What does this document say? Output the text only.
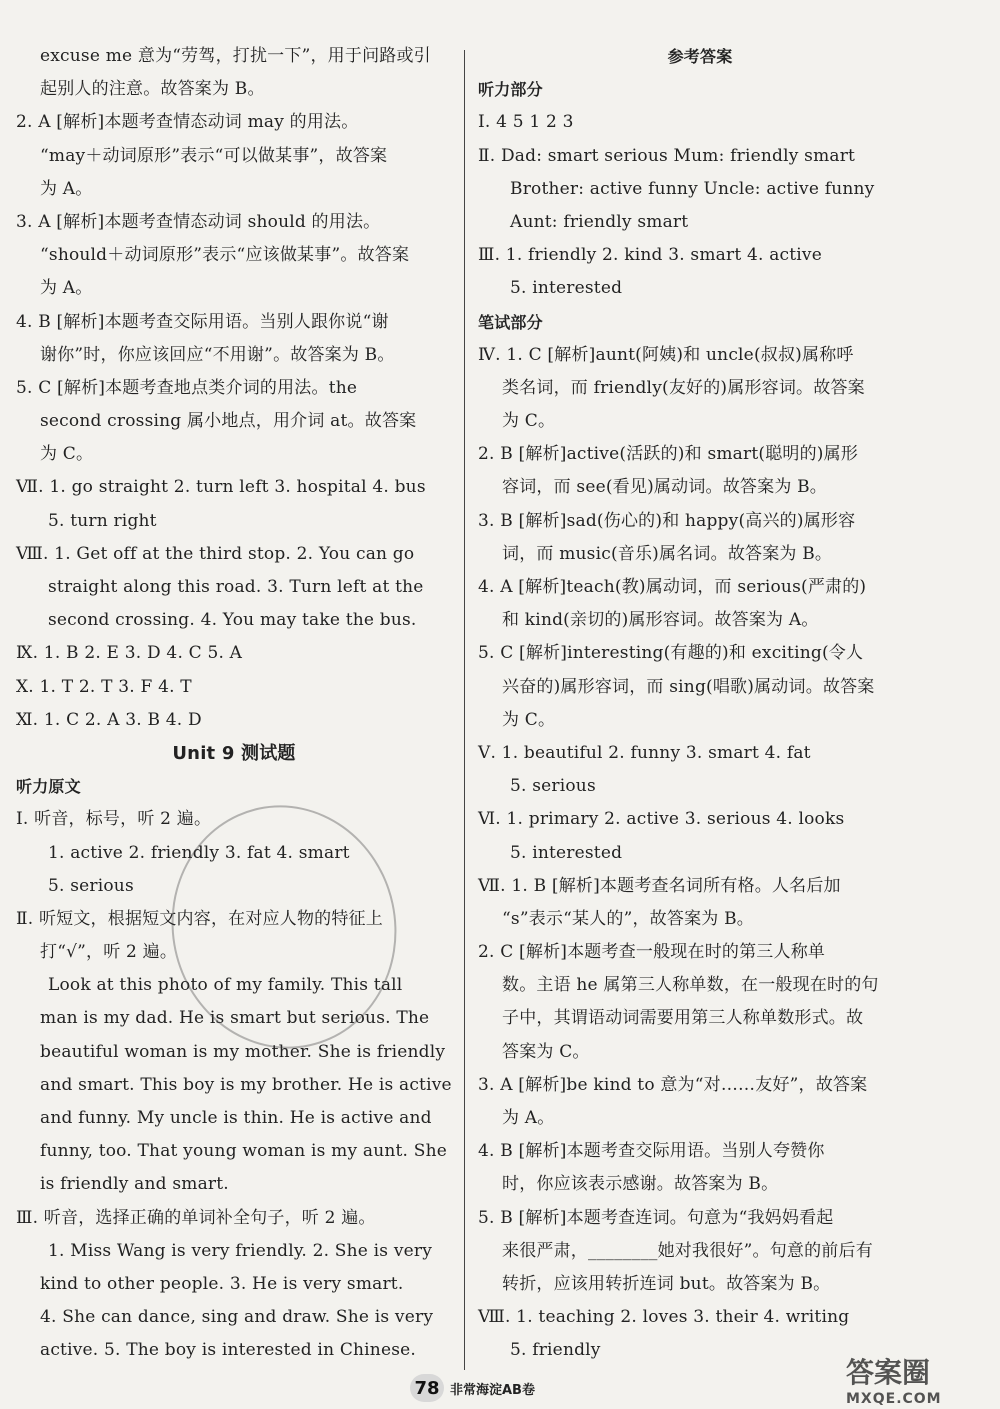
excuse me 意为“劳驾，打扰一下”，用于问路或引
起别人的注意。故答案为 B。
2. A [解析]本题考查情态动词 may 的用法。
“may＋动词原形”表示“可以做某事”，故答案
为 A。
3. A [解析]本题考查情态动词 should 的用法。
“should＋动词原形”表示“应该做某事”。故答案
为 A。
4. B [解析]本题考查交际用语。当别人跟你说“谢
谢你”时，你应该回应“不用谢”。故答案为 B。
5. C [解析]本题考查地点类介词的用法。the
second crossing 属小地点，用介词 at。故答案
为 C。
Ⅶ. 1. go straight 2. turn left 3. hospital 4. bus
5. turn right
Ⅷ. 1. Get off at the third stop. 2. You can go
straight along this road. 3. Turn left at the
second crossing. 4. You may take the bus.
Ⅸ. 1. B 2. E 3. D 4. C 5. A
Ⅹ. 1. T 2. T 3. F 4. T
Ⅺ. 1. C 2. A 3. B 4. D
Unit 9 测试题
听力原文
Ⅰ. 听音，标号，听 2 遍。
1. active 2. friendly 3. fat 4. smart
5. serious
Ⅱ. 听短文，根据短文内容，在对应人物的特征上
打“√”，听 2 遍。
Look at this photo of my family. This tall
man is my dad. He is smart but serious. The
beautiful woman is my mother. She is friendly
and smart. This boy is my brother. He is active
and funny. My uncle is thin. He is active and
funny, too. That young woman is my aunt. She
is friendly and smart.
Ⅲ. 听音，选择正确的单词补全句子，听 2 遍。
1. Miss Wang is very friendly. 2. She is very
kind to other people. 3. He is very smart.
4. She can dance, sing and draw. She is very
active. 5. The boy is interested in Chinese.
参考答案
听力部分
Ⅰ. 4 5 1 2 3
Ⅱ. Dad: smart serious Mum: friendly smart
Brother: active funny Uncle: active funny
Aunt: friendly smart
Ⅲ. 1. friendly 2. kind 3. smart 4. active
5. interested
笔试部分
Ⅳ. 1. C [解析]aunt(阿姨)和 uncle(叔叔)属称呼
类名词，而 friendly(友好的)属形容词。故答案
为 C。
2. B [解析]active(活跃的)和 smart(聪明的)属形
容词，而 see(看见)属动词。故答案为 B。
3. B [解析]sad(伤心的)和 happy(高兴的)属形容
词，而 music(音乐)属名词。故答案为 B。
4. A [解析]teach(教)属动词，而 serious(严肃的)
和 kind(亲切的)属形容词。故答案为 A。
5. C [解析]interesting(有趣的)和 exciting(令人
兴奋的)属形容词，而 sing(唱歌)属动词。故答案
为 C。
Ⅴ. 1. beautiful 2. funny 3. smart 4. fat
5. serious
Ⅵ. 1. primary 2. active 3. serious 4. looks
5. interested
Ⅶ. 1. B [解析]本题考查名词所有格。人名后加
“s”表示“某人的”，故答案为 B。
2. C [解析]本题考查一般现在时的第三人称单
数。主语 he 属第三人称单数，在一般现在时的句
子中，其谓语动词需要用第三人称单数形式。故
答案为 C。
3. A [解析]be kind to 意为“对……友好”，故答案
为 A。
4. B [解析]本题考查交际用语。当别人夸赞你
时，你应该表示感谢。故答案为 B。
5. B [解析]本题考查连词。句意为“我妈妈看起
来很严肃，________她对我很好”。句意的前后有
转折，应该用转折连词 but。故答案为 B。
Ⅷ. 1. teaching 2. loves 3. their 4. writing
5. friendly
78 非常海淀AB卷
答案圈
MXQE.COM
